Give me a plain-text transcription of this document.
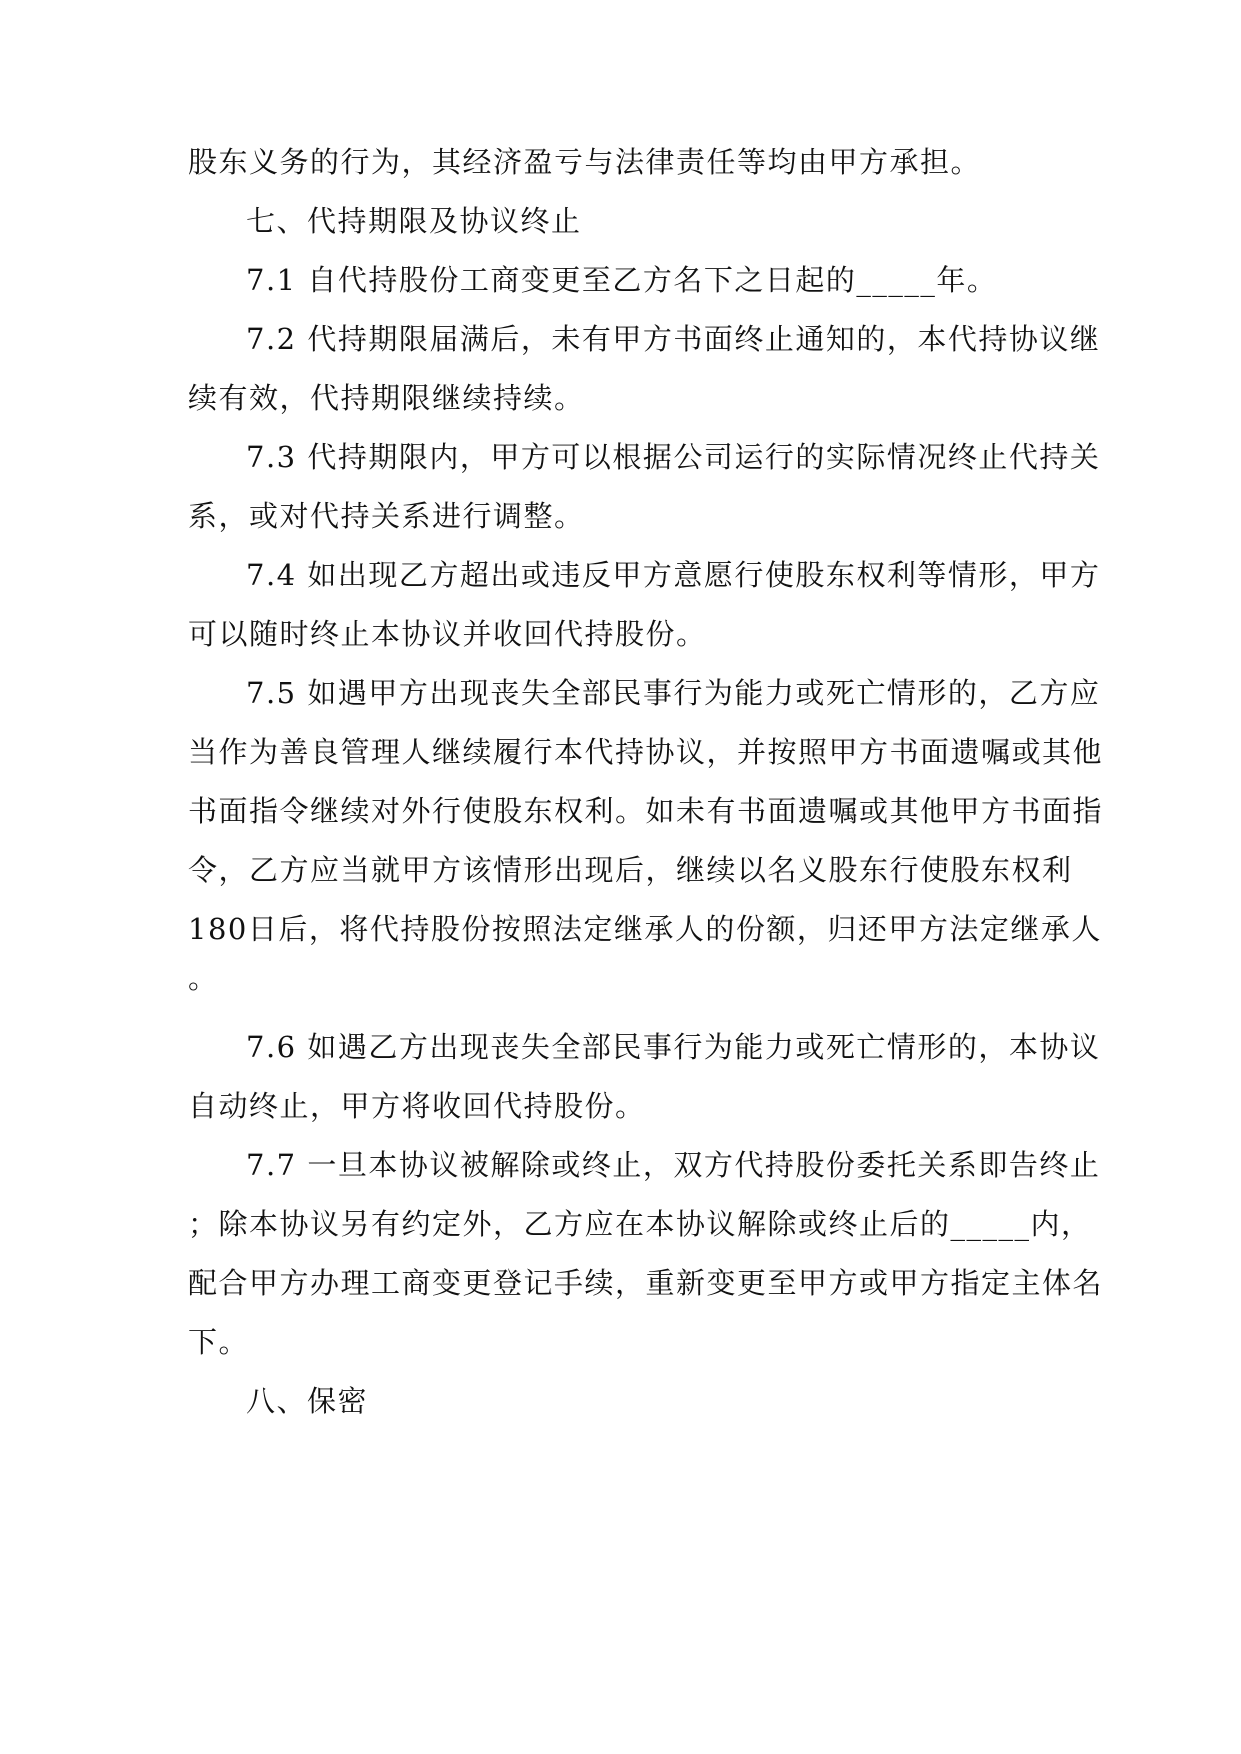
股东义务的行为，其经济盈亏与法律责任等均由甲方承担。
七、代持期限及协议终止
7.1 自代持股份工商变更至乙方名下之日起的_____年。
7.2 代持期限届满后，未有甲方书面终止通知的，本代持协议继
续有效，代持期限继续持续。
7.3 代持期限内，甲方可以根据公司运行的实际情况终止代持关
系，或对代持关系进行调整。
7.4 如出现乙方超出或违反甲方意愿行使股东权利等情形，甲方
可以随时终止本协议并收回代持股份。
7.5 如遇甲方出现丧失全部民事行为能力或死亡情形的，乙方应
当作为善良管理人继续履行本代持协议，并按照甲方书面遗嘱或其他
书面指令继续对外行使股东权利。如未有书面遗嘱或其他甲方书面指
令，乙方应当就甲方该情形出现后，继续以名义股东行使股东权利
180日后，将代持股份按照法定继承人的份额，归还甲方法定继承人
。
7.6 如遇乙方出现丧失全部民事行为能力或死亡情形的，本协议
自动终止，甲方将收回代持股份。
7.7 一旦本协议被解除或终止，双方代持股份委托关系即告终止
；除本协议另有约定外，乙方应在本协议解除或终止后的_____内，
配合甲方办理工商变更登记手续，重新变更至甲方或甲方指定主体名
下。
八、保密
